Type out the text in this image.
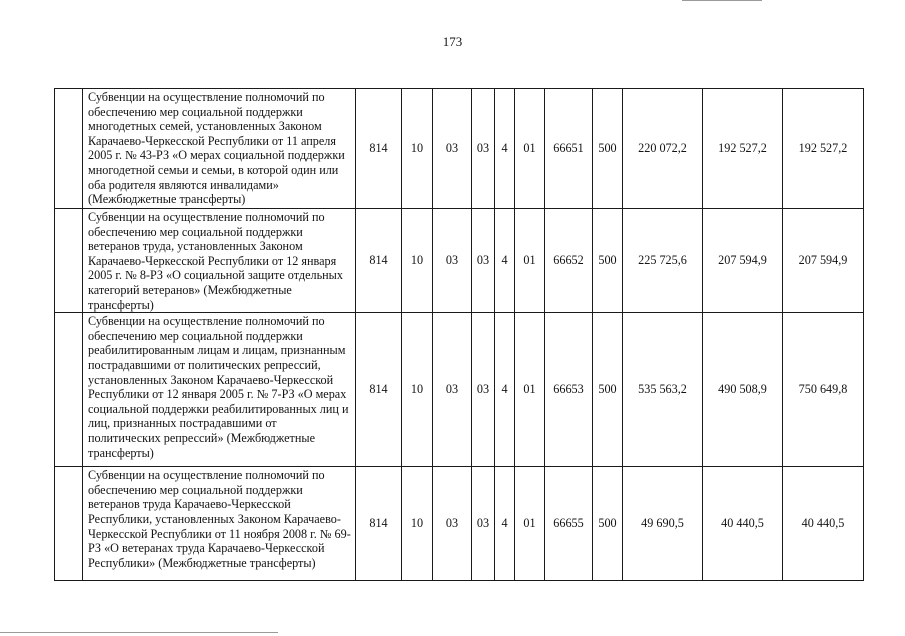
173
	Субвенции на осуществление полномочий по обеспечению мер социальной поддержки многодетных семей, установленных Законом Карачаево-Черкесской Республики от 11 апреля 2005 г. № 43-РЗ «О мерах социальной поддержки многодетной семьи и семьи, в которой один или оба родителя являются инвалидами» (Межбюджетные трансферты)	814	10	03	03	4	01	66651	500	220 072,2	192 527,2	192 527,2
	Субвенции на осуществление полномочий по обеспечению мер социальной поддержки ветеранов труда, установленных Законом Карачаево-Черкесской Республики от 12 января 2005 г. № 8-РЗ «О социальной защите отдельных категорий ветеранов» (Межбюджетные трансферты)	814	10	03	03	4	01	66652	500	225 725,6	207 594,9	207 594,9
	Субвенции на осуществление полномочий по обеспечению мер социальной поддержки реабилитированным лицам и лицам, признанным пострадавшими от политических репрессий, установленных Законом Карачаево-Черкесской Республики от 12 января 2005 г. № 7-РЗ «О мерах социальной поддержки реабилитированных лиц и лиц, признанных пострадавшими от политических репрессий» (Межбюджетные трансферты)	814	10	03	03	4	01	66653	500	535 563,2	490 508,9	750 649,8
	Субвенции на осуществление полномочий по обеспечению мер социальной поддержки ветеранов труда Карачаево-Черкесской Республики, установленных Законом Карачаево-Черкесской Республики от 11 ноября 2008 г. № 69-РЗ «О ветеранах труда Карачаево-Черкесской Республики» (Межбюджетные трансферты)	814	10	03	03	4	01	66655	500	49 690,5	40 440,5	40 440,5
